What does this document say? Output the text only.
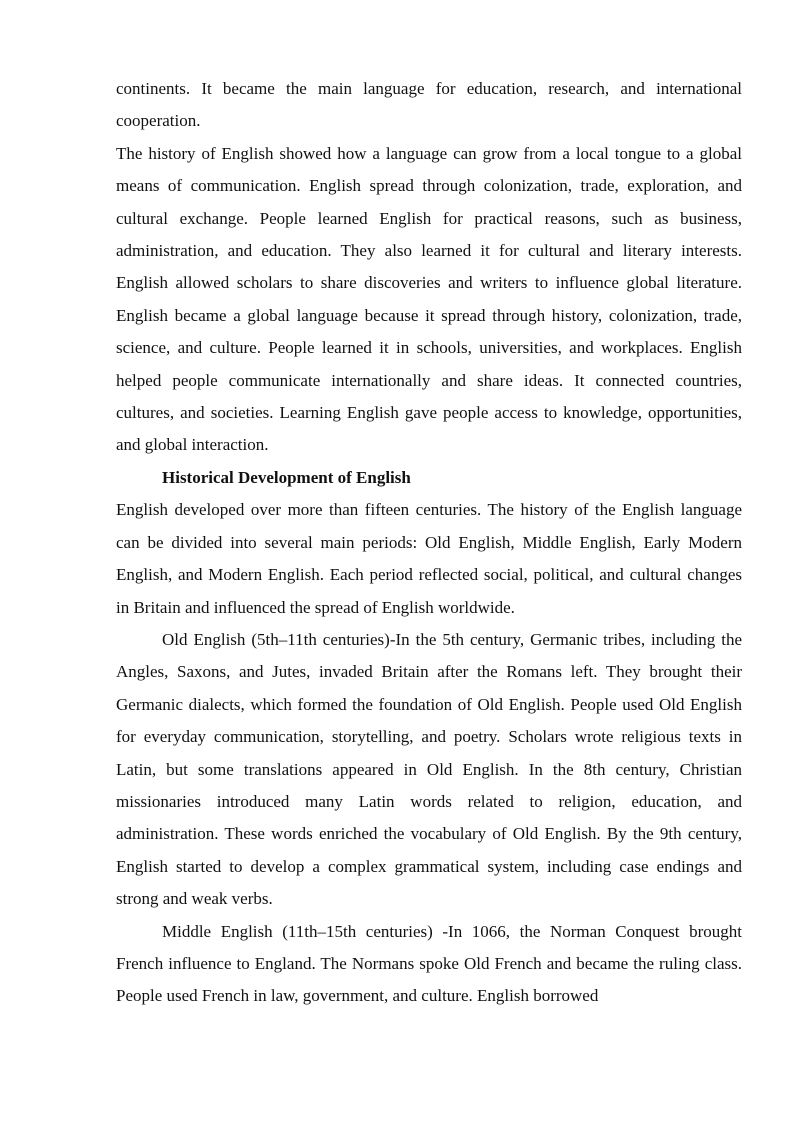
continents. It became the main language for education, research, and international cooperation.

The history of English showed how a language can grow from a local tongue to a global means of communication. English spread through colonization, trade, exploration, and cultural exchange. People learned English for practical reasons, such as business, administration, and education. They also learned it for cultural and literary interests. English allowed scholars to share discoveries and writers to influence global literature. English became a global language because it spread through history, colonization, trade, science, and culture. People learned it in schools, universities, and workplaces. English helped people communicate internationally and share ideas. It connected countries, cultures, and societies. Learning English gave people access to knowledge, opportunities, and global interaction.

Historical Development of English

English developed over more than fifteen centuries. The history of the English language can be divided into several main periods: Old English, Middle English, Early Modern English, and Modern English. Each period reflected social, political, and cultural changes in Britain and influenced the spread of English worldwide.

Old English (5th–11th centuries)-In the 5th century, Germanic tribes, including the Angles, Saxons, and Jutes, invaded Britain after the Romans left. They brought their Germanic dialects, which formed the foundation of Old English. People used Old English for everyday communication, storytelling, and poetry. Scholars wrote religious texts in Latin, but some translations appeared in Old English. In the 8th century, Christian missionaries introduced many Latin words related to religion, education, and administration. These words enriched the vocabulary of Old English. By the 9th century, English started to develop a complex grammatical system, including case endings and strong and weak verbs.

Middle English (11th–15th centuries) -In 1066, the Norman Conquest brought French influence to England. The Normans spoke Old French and became the ruling class. People used French in law, government, and culture. English borrowed
